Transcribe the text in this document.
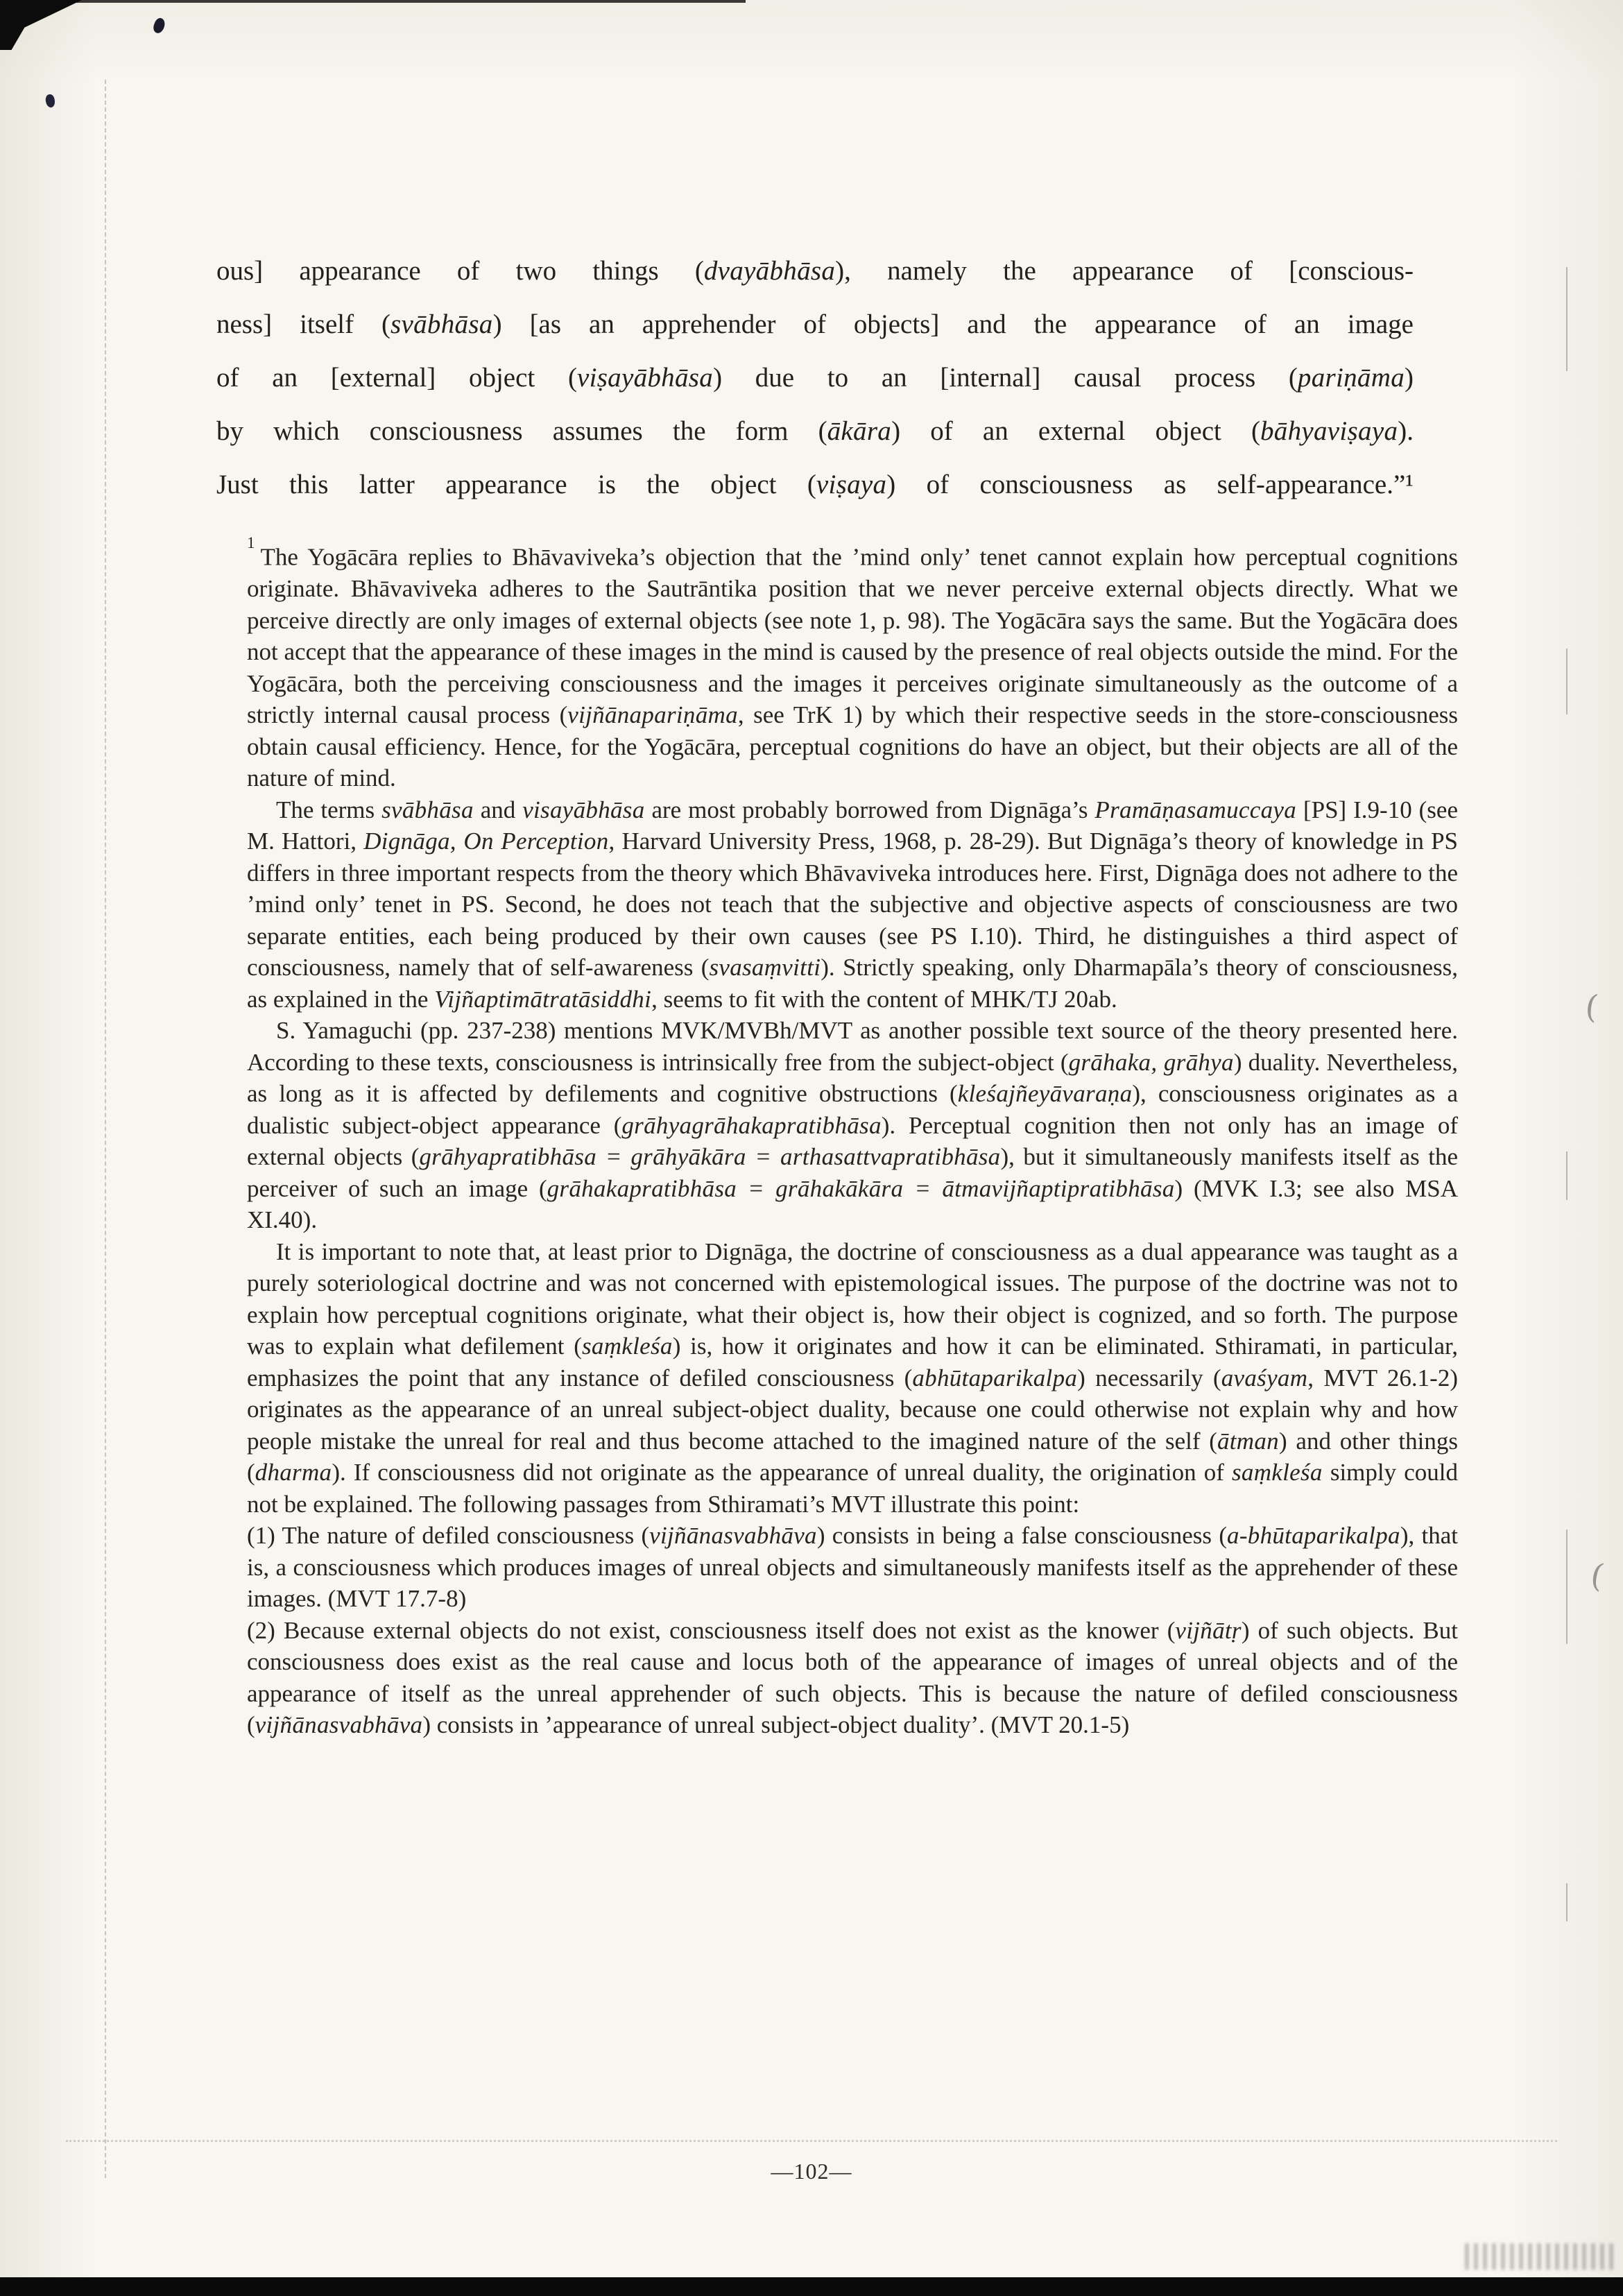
(
(
ous] appearance of two things (dvayābhāsa), namely the appearance of [conscious-
ness] itself (svābhāsa) [as an apprehender of objects] and the appearance of an image
of an [external] object (viṣayābhāsa) due to an [internal] causal process (pariṇāma)
by which consciousness assumes the form (ākāra) of an external object (bāhyaviṣaya).
Just this latter appearance is the object (viṣaya) of consciousness as self-appearance.”¹

$^1$The Yogācāra replies to Bhāvaviveka’s objection that the ’mind only’ tenet cannot explain how perceptual cognitions originate. Bhāvaviveka adheres to the Sautrāntika position that we never perceive external objects directly. What we perceive directly are only images of external objects (see note 1, p. 98). The Yogācāra says the same. But the Yogācāra does not accept that the appearance of these images in the mind is caused by the presence of real objects outside the mind. For the Yogācāra, both the perceiving consciousness and the images it perceives originate simultaneously as the outcome of a strictly internal causal process (vijñānapariṇāma, see TrK 1) by which their respective seeds in the store-consciousness obtain causal efficiency. Hence, for the Yogācāra, perceptual cognitions do have an object, but their objects are all of the nature of mind.

The terms svābhāsa and visayābhāsa are most probably borrowed from Dignāga’s Pramāṇasamuccaya [PS] I.9-10 (see M. Hattori, Dignāga, On Perception, Harvard University Press, 1968, p. 28-29). But Dignāga’s theory of knowledge in PS differs in three important respects from the theory which Bhāvaviveka introduces here. First, Dignāga does not adhere to the ’mind only’ tenet in PS. Second, he does not teach that the subjective and objective aspects of consciousness are two separate entities, each being produced by their own causes (see PS I.10). Third, he distinguishes a third aspect of consciousness, namely that of self-awareness (svasaṃvitti). Strictly speaking, only Dharmapāla’s theory of consciousness, as explained in the Vijñaptimātratāsiddhi, seems to fit with the content of MHK/TJ 20ab.

S. Yamaguchi (pp. 237-238) mentions MVK/MVBh/MVT as another possible text source of the theory presented here. According to these texts, consciousness is intrinsically free from the subject-object (grāhaka, grāhya) duality. Nevertheless, as long as it is affected by defilements and cognitive obstructions (kleśajñeyāvaraṇa), consciousness originates as a dualistic subject-object appearance (grāhyagrāhakapratibhāsa). Perceptual cognition then not only has an image of external objects (grāhyapratibhāsa = grāhyākāra = arthasattvapratibhāsa), but it simultaneously manifests itself as the perceiver of such an image (grāhakapratibhāsa = grāhakākāra = ātmavijñaptipratibhāsa) (MVK I.3; see also MSA XI.40).

It is important to note that, at least prior to Dignāga, the doctrine of consciousness as a dual appearance was taught as a purely soteriological doctrine and was not concerned with epistemological issues. The purpose of the doctrine was not to explain how perceptual cognitions originate, what their object is, how their object is cognized, and so forth. The purpose was to explain what defilement (saṃkleśa) is, how it originates and how it can be eliminated. Sthiramati, in particular, emphasizes the point that any instance of defiled consciousness (abhūtaparikalpa) necessarily (avaśyam, MVT 26.1-2) originates as the appearance of an unreal subject-object duality, because one could otherwise not explain why and how people mistake the unreal for real and thus become attached to the imagined nature of the self (ātman) and other things (dharma). If consciousness did not originate as the appearance of unreal duality, the origination of saṃkleśa simply could not be explained. The following passages from Sthiramati’s MVT illustrate this point:

(1) The nature of defiled consciousness (vijñānasvabhāva) consists in being a false consciousness (a-bhūtaparikalpa), that is, a consciousness which produces images of unreal objects and simultaneously manifests itself as the apprehender of these images. (MVT 17.7-8)

(2) Because external objects do not exist, consciousness itself does not exist as the knower (vijñātṛ) of such objects. But consciousness does exist as the real cause and locus both of the appearance of images of unreal objects and of the appearance of itself as the unreal apprehender of such objects. This is because the nature of defiled consciousness (vijñānasvabhāva) consists in ’appearance of unreal subject-object duality’. (MVT 20.1-5)

—102—
